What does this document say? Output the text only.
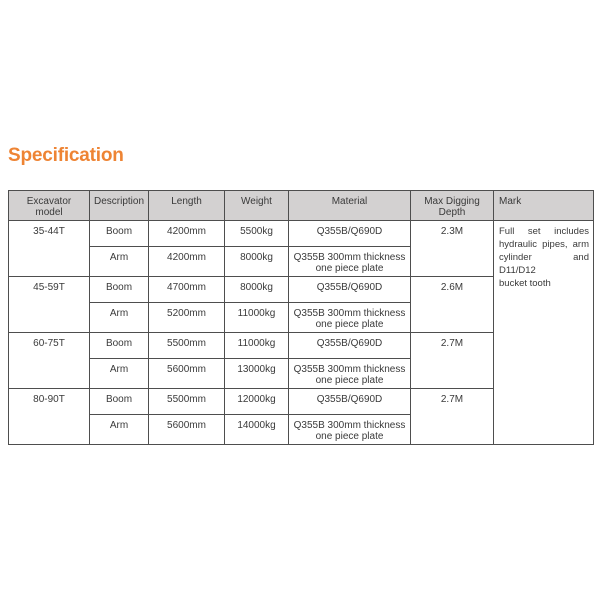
Specification
Excavator model	Description	Length	Weight	Material	Max Digging Depth	Mark
35-44T	Boom	4200mm	5500kg	Q355B/Q690D	2.3M	Full set includes
hydraulic pipes, arm
cylinder and D11/D12
bucket tooth

	Arm	4200mm	8000kg	Q355B 300mm thickness
one piece plate		

45-59T	Boom	4700mm	8000kg	Q355B/Q690D	2.6M	
	Arm	5200mm	11000kg	Q355B 300mm thickness
one piece plate		

60-75T	Boom	5500mm	11000kg	Q355B/Q690D	2.7M	
	Arm	5600mm	13000kg	Q355B 300mm thickness
one piece plate		

80-90T	Boom	5500mm	12000kg	Q355B/Q690D	2.7M	
	Arm	5600mm	14000kg	Q355B 300mm thickness
one piece plate		
